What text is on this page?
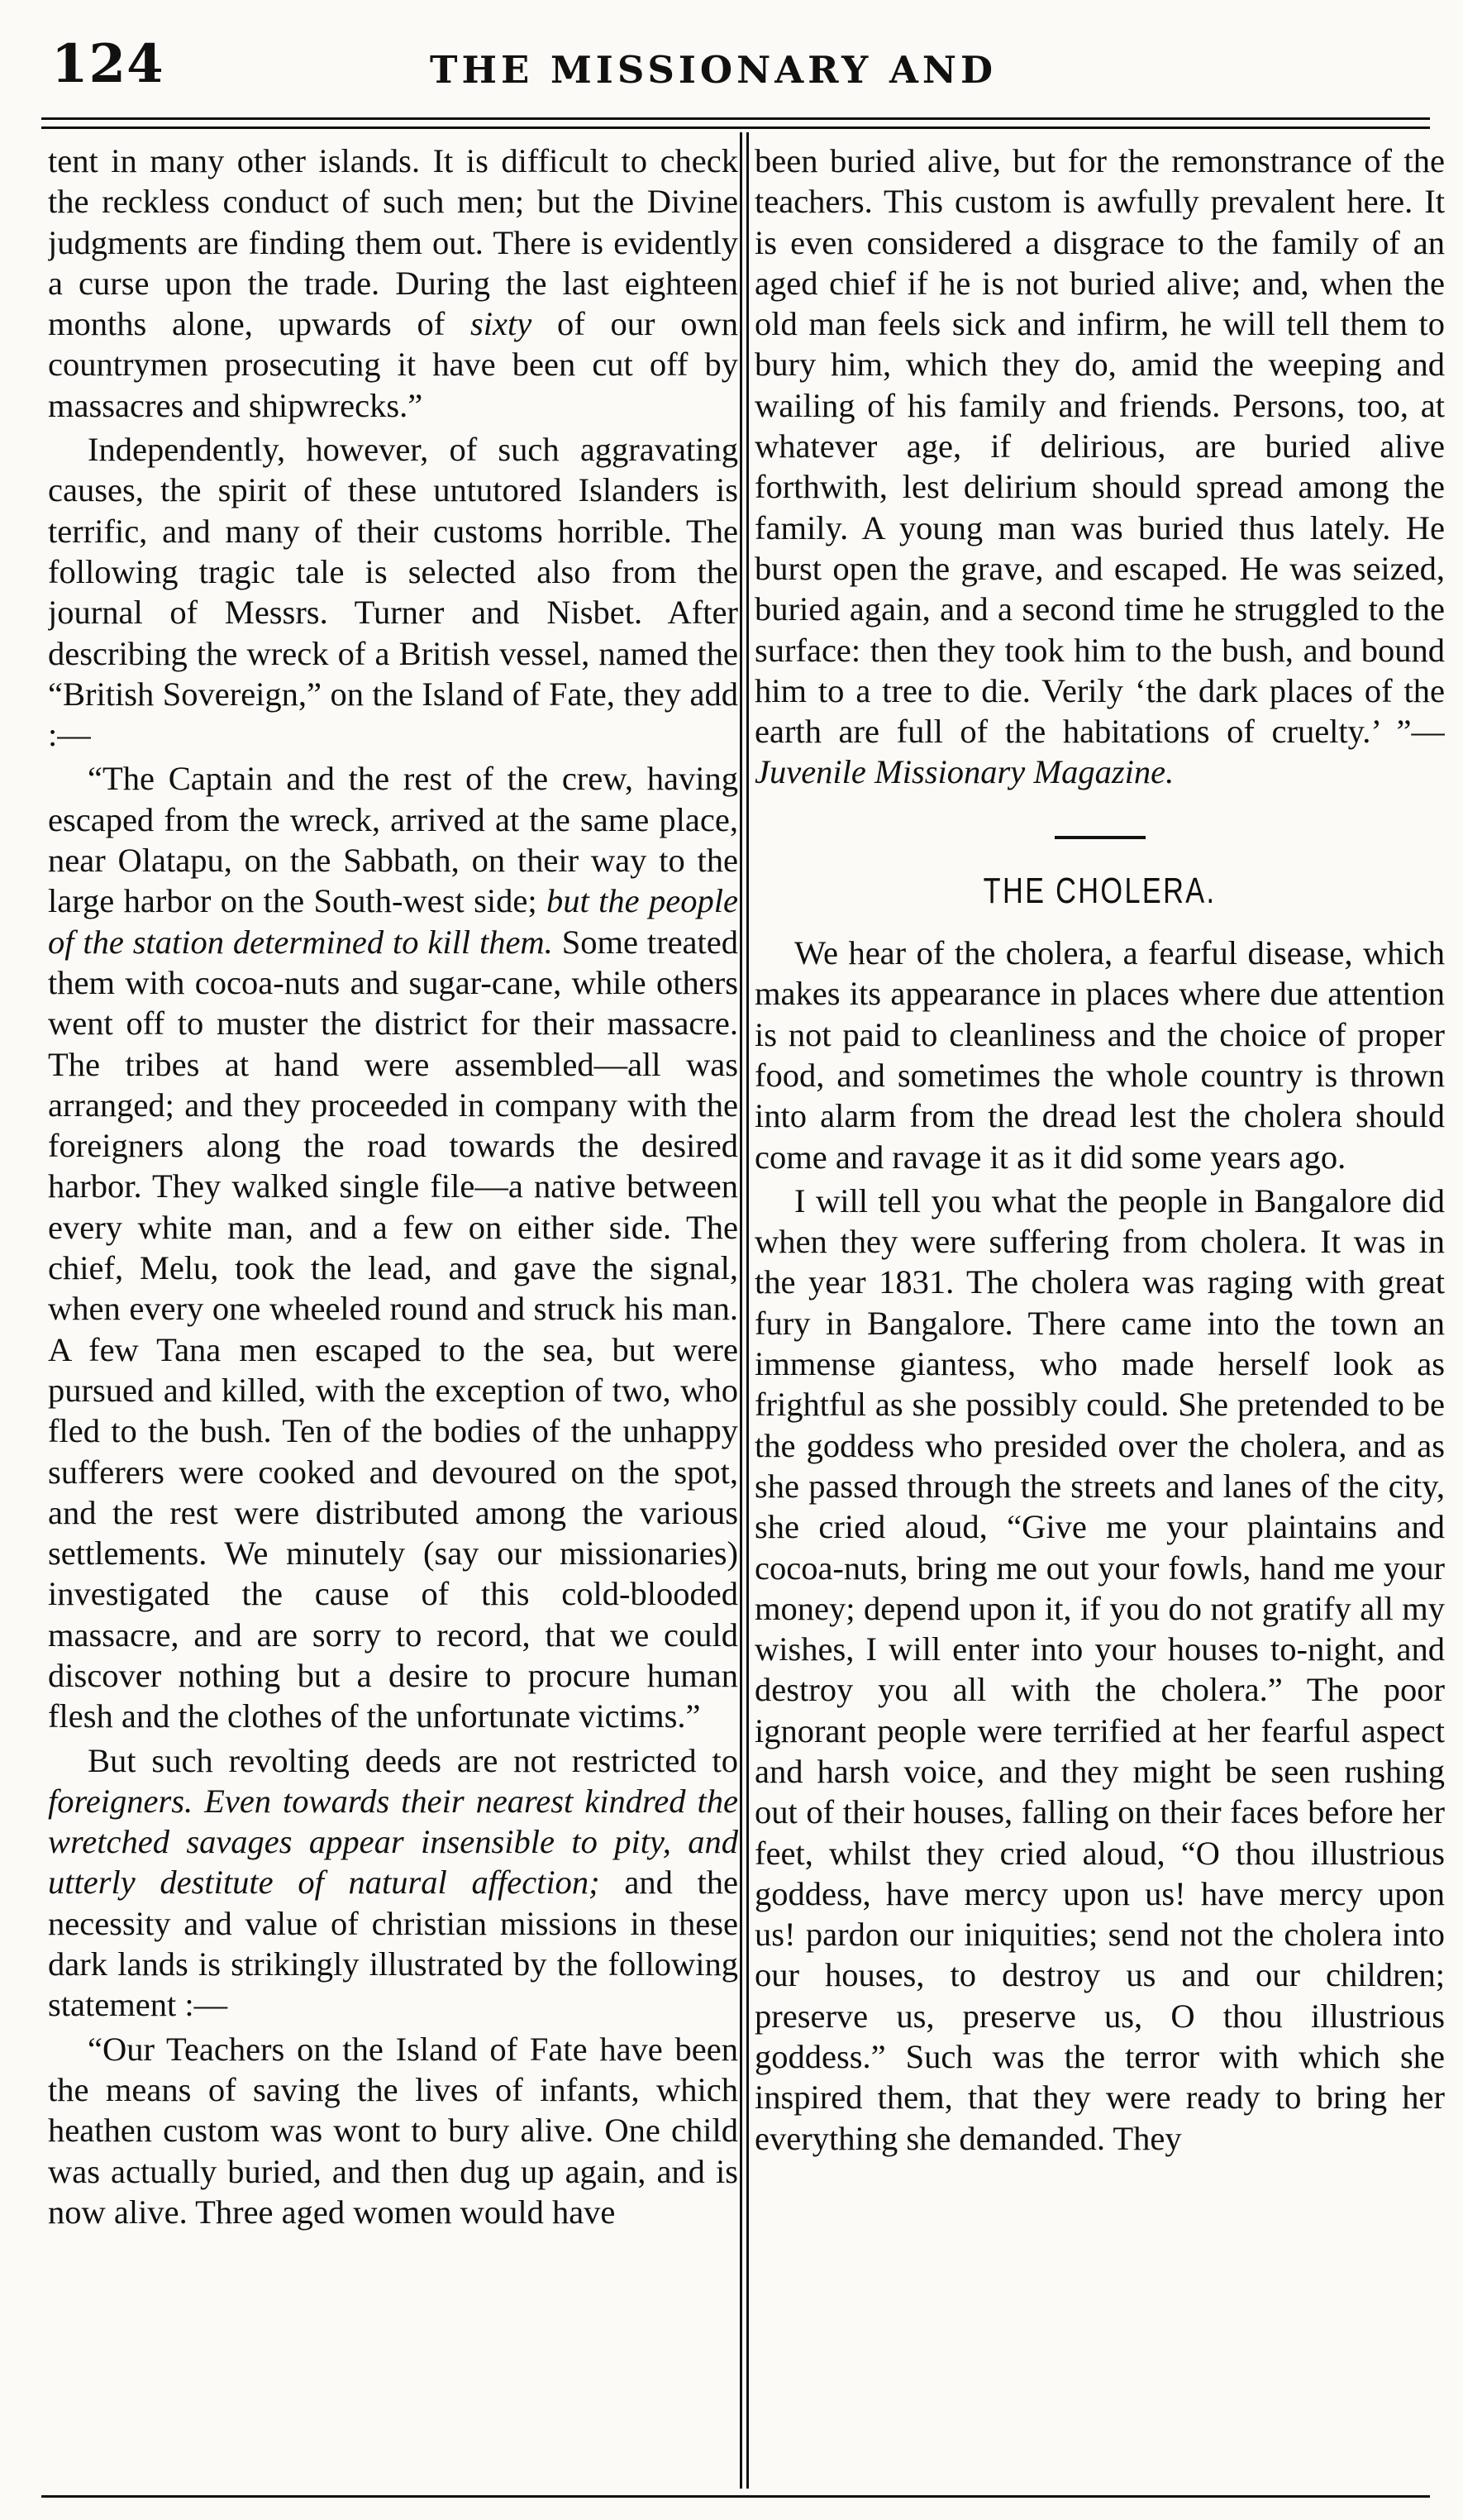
124	THE MISSIONARY AND

tent in many other islands. It is difficult to check the reckless conduct of such men; but the Divine judgments are finding them out. There is evidently a curse upon the trade. During the last eighteen months alone, upwards of sixty of our own countrymen prosecuting it have been cut off by massacres and shipwrecks.”

Independently, however, of such aggravating causes, the spirit of these untutored Islanders is terrific, and many of their customs horrible. The following tragic tale is selected also from the journal of Messrs. Turner and Nisbet. After describing the wreck of a British vessel, named the “British Sovereign,” on the Island of Fate, they add :—

“The Captain and the rest of the crew, having escaped from the wreck, arrived at the same place, near Olatapu, on the Sabbath, on their way to the large harbor on the South-west side; but the people of the station determined to kill them. Some treated them with cocoa-nuts and sugar-cane, while others went off to muster the district for their massacre. The tribes at hand were assembled—all was arranged; and they proceeded in company with the foreigners along the road towards the desired harbor. They walked single file—a native between every white man, and a few on either side. The chief, Melu, took the lead, and gave the signal, when every one wheeled round and struck his man. A few Tana men escaped to the sea, but were pursued and killed, with the exception of two, who fled to the bush. Ten of the bodies of the unhappy sufferers were cooked and devoured on the spot, and the rest were distributed among the various settlements. We minutely (say our missionaries) investigated the cause of this cold-blooded massacre, and are sorry to record, that we could discover nothing but a desire to procure human flesh and the clothes of the unfortunate victims.”

But such revolting deeds are not restricted to foreigners. Even towards their nearest kindred the wretched savages appear insensible to pity, and utterly destitute of natural affection; and the necessity and value of christian missions in these dark lands is strikingly illustrated by the following statement :—

“Our Teachers on the Island of Fate have been the means of saving the lives of infants, which heathen custom was wont to bury alive. One child was actually buried, and then dug up again, and is now alive. Three aged women would have

been buried alive, but for the remonstrance of the teachers. This custom is awfully prevalent here. It is even considered a disgrace to the family of an aged chief if he is not buried alive; and, when the old man feels sick and infirm, he will tell them to bury him, which they do, amid the weeping and wailing of his family and friends. Persons, too, at whatever age, if delirious, are buried alive forthwith, lest delirium should spread among the family. A young man was buried thus lately. He burst open the grave, and escaped. He was seized, buried again, and a second time he struggled to the surface: then they took him to the bush, and bound him to a tree to die. Verily ‘the dark places of the earth are full of the habitations of cruelty.’ ”—Juvenile Missionary Magazine.

THE CHOLERA.

We hear of the cholera, a fearful disease, which makes its appearance in places where due attention is not paid to cleanliness and the choice of proper food, and sometimes the whole country is thrown into alarm from the dread lest the cholera should come and ravage it as it did some years ago.

I will tell you what the people in Bangalore did when they were suffering from cholera. It was in the year 1831. The cholera was raging with great fury in Bangalore. There came into the town an immense giantess, who made herself look as frightful as she possibly could. She pretended to be the goddess who presided over the cholera, and as she passed through the streets and lanes of the city, she cried aloud, “Give me your plaintains and cocoa-nuts, bring me out your fowls, hand me your money; depend upon it, if you do not gratify all my wishes, I will enter into your houses to-night, and destroy you all with the cholera.” The poor ignorant people were terrified at her fearful aspect and harsh voice, and they might be seen rushing out of their houses, falling on their faces before her feet, whilst they cried aloud, “O thou illustrious goddess, have mercy upon us! have mercy upon us! pardon our iniquities; send not the cholera into our houses, to destroy us and our children; preserve us, preserve us, O thou illustrious goddess.” Such was the terror with which she inspired them, that they were ready to bring her everything she demanded. They
